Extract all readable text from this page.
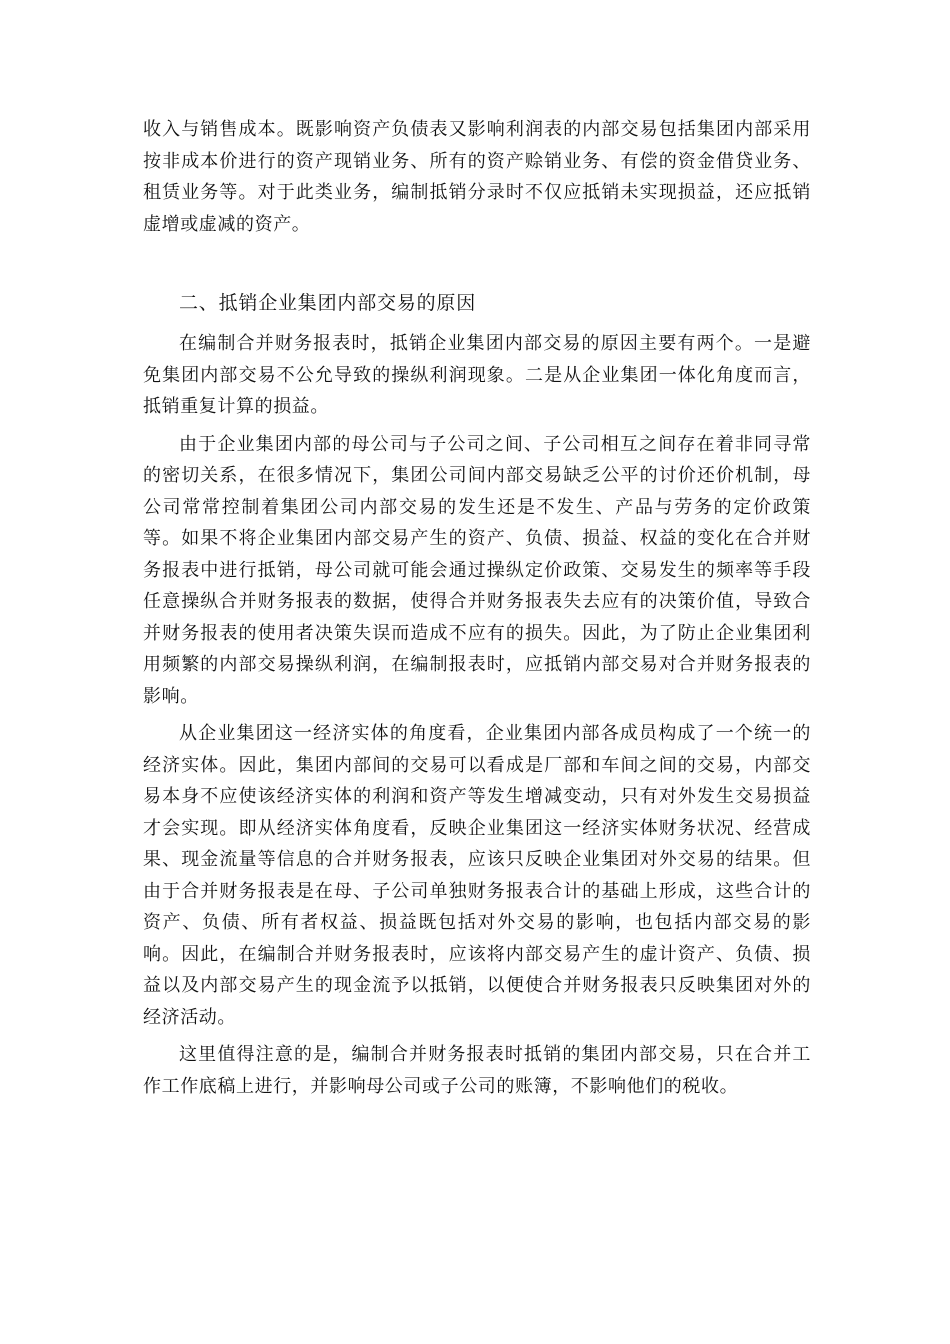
收入与销售成本。既影响资产负债表又影响利润表的内部交易包括集团内部采用按非成本价进行的资产现销业务、所有的资产赊销业务、有偿的资金借贷业务、租赁业务等。对于此类业务，编制抵销分录时不仅应抵销未实现损益，还应抵销虚增或虚减的资产。

二、抵销企业集团内部交易的原因

在编制合并财务报表时，抵销企业集团内部交易的原因主要有两个。一是避免集团内部交易不公允导致的操纵利润现象。二是从企业集团一体化角度而言，抵销重复计算的损益。

由于企业集团内部的母公司与子公司之间、子公司相互之间存在着非同寻常的密切关系，在很多情况下，集团公司间内部交易缺乏公平的讨价还价机制，母公司常常控制着集团公司内部交易的发生还是不发生、产品与劳务的定价政策等。如果不将企业集团内部交易产生的资产、负债、损益、权益的变化在合并财务报表中进行抵销，母公司就可能会通过操纵定价政策、交易发生的频率等手段任意操纵合并财务报表的数据，使得合并财务报表失去应有的决策价值，导致合并财务报表的使用者决策失误而造成不应有的损失。因此，为了防止企业集团利用频繁的内部交易操纵利润，在编制报表时，应抵销内部交易对合并财务报表的影响。

从企业集团这一经济实体的角度看，企业集团内部各成员构成了一个统一的经济实体。因此，集团内部间的交易可以看成是厂部和车间之间的交易，内部交易本身不应使该经济实体的利润和资产等发生增减变动，只有对外发生交易损益才会实现。即从经济实体角度看，反映企业集团这一经济实体财务状况、经营成果、现金流量等信息的合并财务报表，应该只反映企业集团对外交易的结果。但由于合并财务报表是在母、子公司单独财务报表合计的基础上形成，这些合计的资产、负债、所有者权益、损益既包括对外交易的影响，也包括内部交易的影响。因此，在编制合并财务报表时，应该将内部交易产生的虚计资产、负债、损益以及内部交易产生的现金流予以抵销，以便使合并财务报表只反映集团对外的经济活动。

这里值得注意的是，编制合并财务报表时抵销的集团内部交易，只在合并工作工作底稿上进行，并影响母公司或子公司的账簿，不影响他们的税收。
